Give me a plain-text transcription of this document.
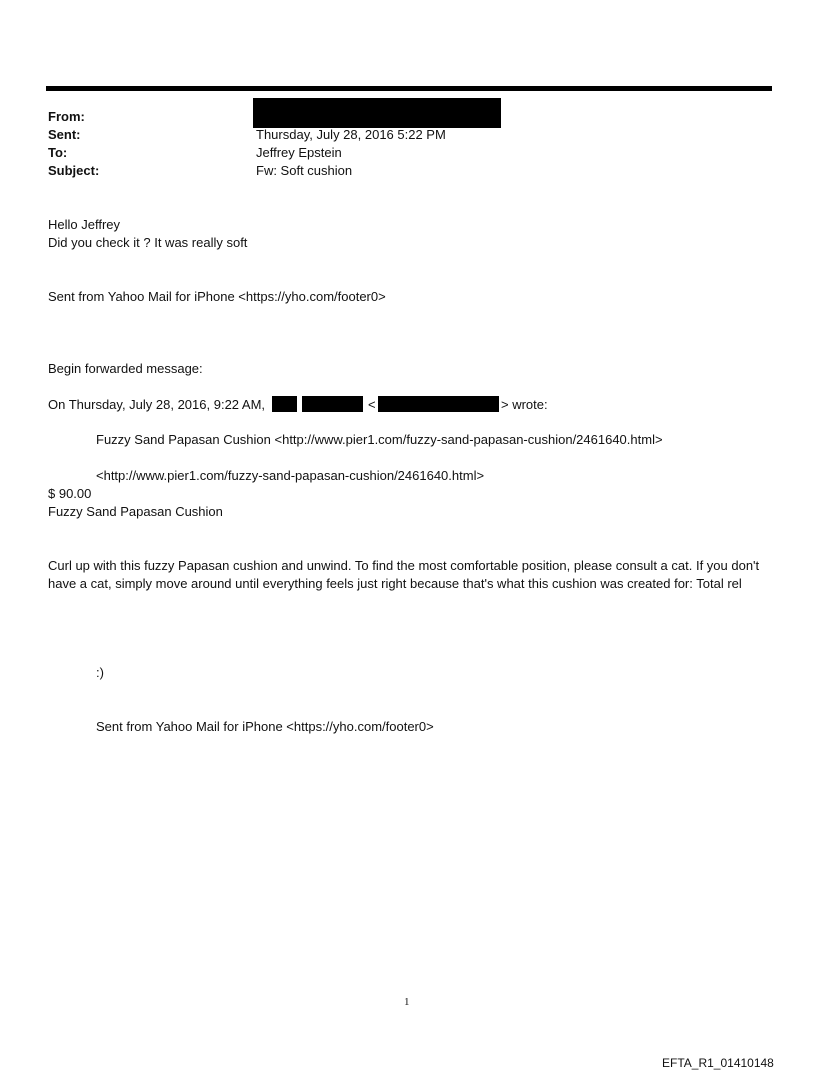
From:
Sent:
To:
Subject:
Thursday, July 28, 2016 5:22 PM
Jeffrey Epstein
Fw: Soft cushion
Hello Jeffrey
Did you check it ? It was really soft
Sent from Yahoo Mail for iPhone <https://yho.com/footer0>
Begin forwarded message:
On Thursday, July 28, 2016, 9:22 AM,	<	> wrote:
Fuzzy Sand Papasan Cushion <http://www.pier1.com/fuzzy-sand-papasan-cushion/2461640.html>
<http://www.pier1.com/fuzzy-sand-papasan-cushion/2461640.html>
$ 90.00
Fuzzy Sand Papasan Cushion
Curl up with this fuzzy Papasan cushion and unwind. To find the most comfortable position, please consult a cat. If you don't have a cat, simply move around until everything feels just right because that's what this cushion was created for: Total rel
:)
Sent from Yahoo Mail for iPhone <https://yho.com/footer0>
1
EFTA_R1_01410148
